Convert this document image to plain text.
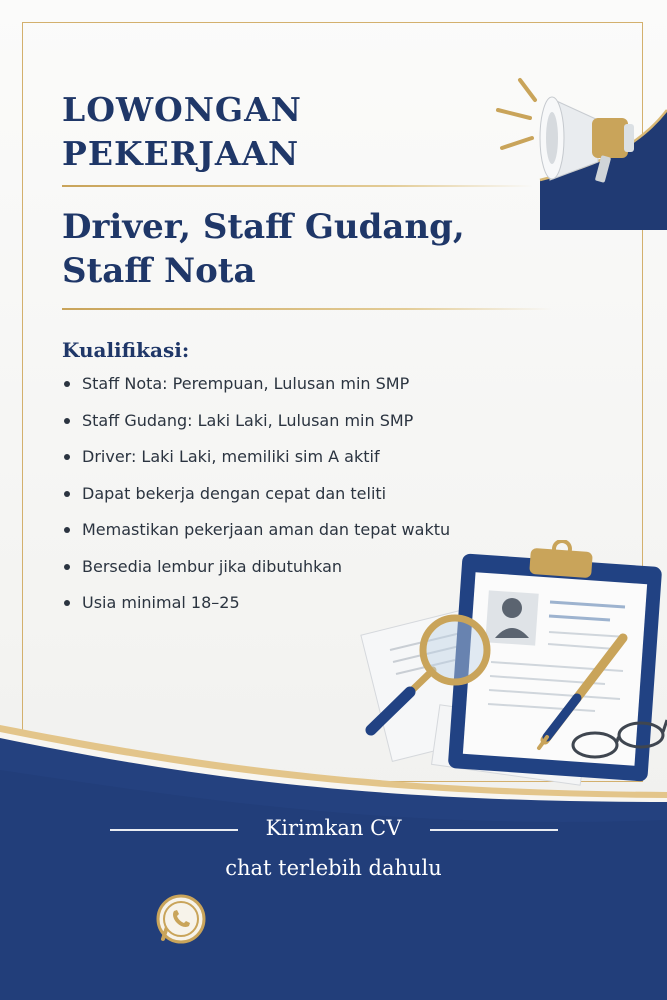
LOWONGAN
PEKERJAAN
Driver, Staff Gudang,
Staff Nota
Kualifikasi:
Staff Nota: Perempuan, Lulusan min SMP
Staff Gudang: Laki Laki, Lulusan min SMP
Driver: Laki Laki, memiliki sim A aktif
Dapat bekerja dengan cepat dan teliti
Memastikan pekerjaan aman dan tepat waktu
Bersedia lembur jika dibutuhkan
Usia minimal 18–25
Kirimkan CV
chat terlebih dahulu
